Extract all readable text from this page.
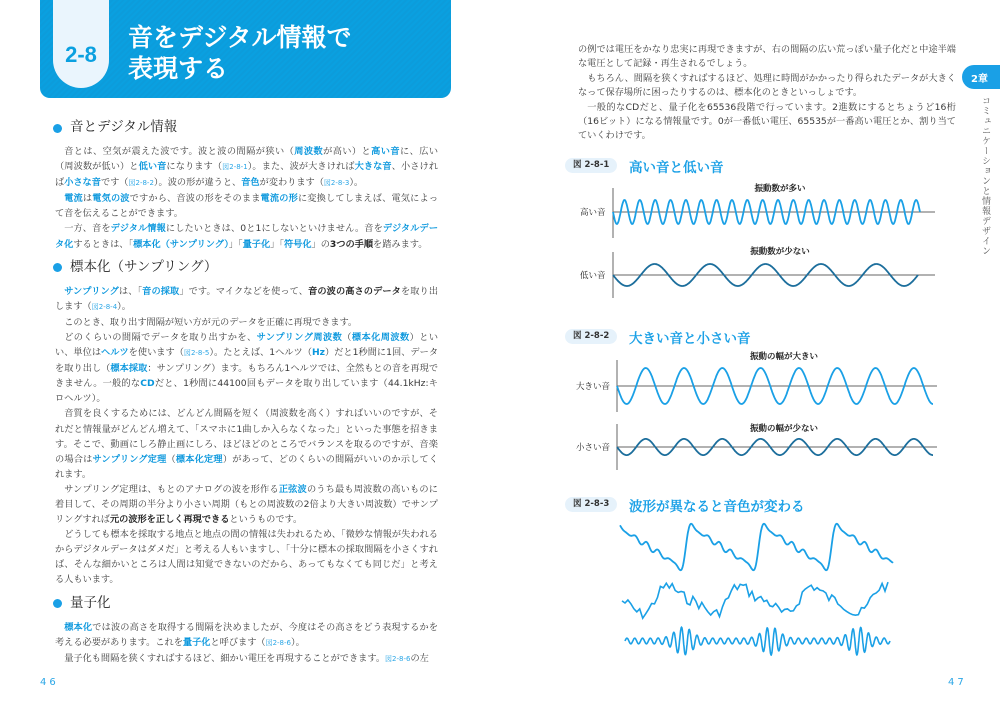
2-8
音をデジタル情報で
表現する
音とデジタル情報

音とは、空気が震えた波です。波と波の間隔が狭い（周波数が高い）と高い音に、広い（周波数が低い）と低い音になります（図2-8-1）。また、波が大きければ大きな音、小さければ小さな音です（図2-8-2）。波の形が違うと、音色が変わります（図2-8-3）。

電流は電気の波ですから、音波の形をそのまま電流の形に変換してしまえば、電気によって音を伝えることができます。

一方、音をデジタル情報にしたいときは、0と1にしないといけません。音をデジタルデータ化するときは、「標本化（サンプリング）」「量子化」「符号化」の3つの手順を踏みます。

標本化（サンプリング）

サンプリングは、「音の採取」です。マイクなどを使って、音の波の高さのデータを取り出します（図2-8-4）。

このとき、取り出す間隔が短い方が元のデータを正確に再現できます。

どのくらいの間隔でデータを取り出すかを、サンプリング周波数（標本化周波数）といい、単位はヘルツを使います（図2-8-5）。たとえば、1ヘルツ（Hz）だと1秒間に1回、データを取り出し（標本採取：サンプリング）ます。もちろん1ヘルツでは、全然もとの音を再現できません。一般的なCDだと、1秒間に44100回もデータを取り出しています（44.1kHz:キロヘルツ）。

音質を良くするためには、どんどん間隔を短く（周波数を高く）すればいいのですが、それだと情報量がどんどん増えて、「スマホに1曲しか入らなくなった」といった事態を招きます。そこで、動画にしろ静止画にしろ、ほどほどのところでバランスを取るのですが、音楽の場合はサンプリング定理（標本化定理）があって、どのくらいの間隔がいいのか示してくれます。

サンプリング定理は、もとのアナログの波を形作る正弦波のうち最も周波数の高いものに着目して、その周期の半分より小さい周期（もとの周波数の2倍より大きい周波数）でサンプリングすれば元の波形を正しく再現できるというものです。

どうしても標本を採取する地点と地点の間の情報は失われるため、「微妙な情報が失われるからデジタルデータはダメだ」と考える人もいますし、「十分に標本の採取間隔を小さくすれば、そんな細かいところは人間は知覚できないのだから、あってもなくても同じだ」と考える人もいます。

量子化

標本化では波の高さを取得する間隔を決めましたが、今度はその高さをどう表現するかを考える必要があります。これを量子化と呼びます（図2-8-6）。

量子化も間隔を狭くすればするほど、細かい電圧を再現することができます。図2-8-6の左

の例では電圧をかなり忠実に再現できますが、右の間隔の広い荒っぽい量子化だと中途半端な電圧として記録・再生されるでしょう。

もちろん、間隔を狭くすればするほど、処理に時間がかかったり得られたデータが大きくなって保存場所に困ったりするのは、標本化のときといっしょです。

一般的なCDだと、量子化を65536段階で行っています。2進数にするとちょうど16桁（16ビット）になる情報量です。0が一番低い電圧、65535が一番高い電圧とか、割り当てていくわけです。

2章
コミュニケーションと情報デザイン
46	47
図 2-8-1	高い音と低い音
振動数が多い
高い音
振動数が少ない
低い音
図 2-8-2	大きい音と小さい音
振動の幅が大きい
大きい音
振動の幅が少ない
小さい音
図 2-8-3	波形が異なると音色が変わる
